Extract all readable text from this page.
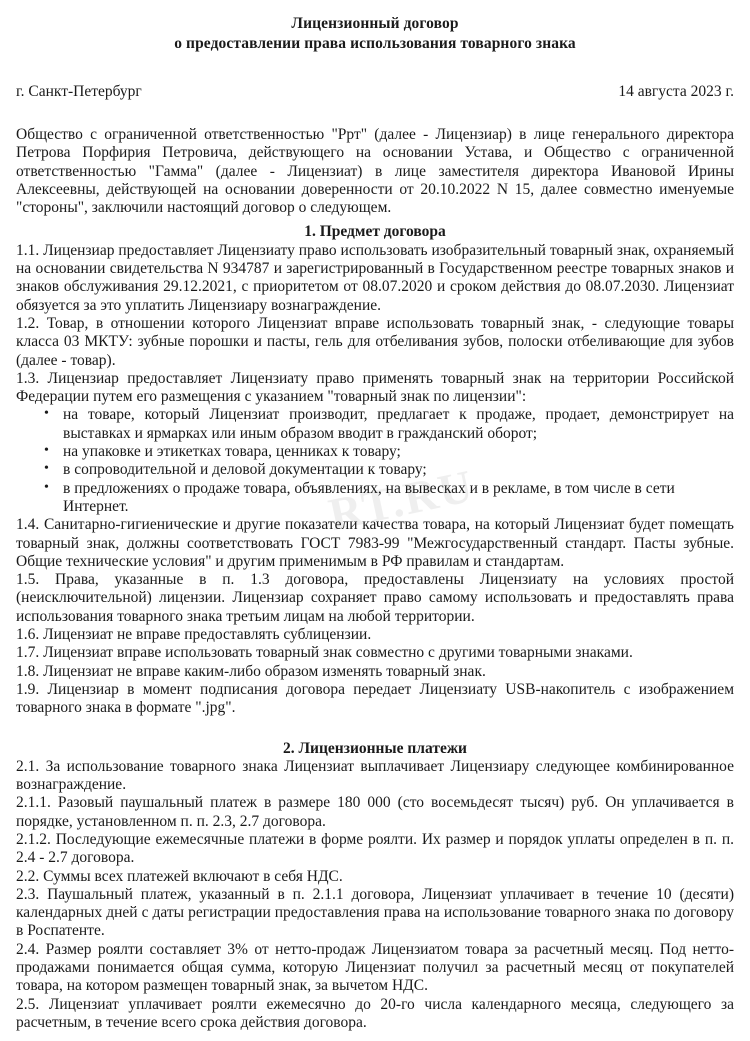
RT.RU
Лицензионный договор
о предоставлении права использования товарного знака
г. Санкт-Петербург	14 августа 2023 г.

Общество с ограниченной ответственностью "Ррт" (далее - Лицензиар) в лице генерального директора Петрова Порфирия Петровича, действующего на основании Устава, и Общество с ограниченной ответственностью "Гамма" (далее - Лицензиат) в лице заместителя директора Ивановой Ирины Алексеевны, действующей на основании доверенности от 20.10.2022 N 15, далее совместно именуемые "стороны", заключили настоящий договор о следующем.

1. Предмет договора

1.1. Лицензиар предоставляет Лицензиату право использовать изобразительный товарный знак, охраняемый на основании свидетельства N 934787 и зарегистрированный в Государственном реестре товарных знаков и знаков обслуживания 29.12.2021, с приоритетом от 08.07.2020 и сроком действия до 08.07.2030. Лицензиат обязуется за это уплатить Лицензиару вознаграждение.

1.2. Товар, в отношении которого Лицензиат вправе использовать товарный знак, - следующие товары класса 03 МКТУ: зубные порошки и пасты, гель для отбеливания зубов, полоски отбеливающие для зубов (далее - товар).

1.3. Лицензиар предоставляет Лицензиату право применять товарный знак на территории Российской Федерации путем его размещения с указанием "товарный знак по лицензии":

• на товаре, который Лицензиат производит, предлагает к продаже, продает, демонстрирует на выставках и ярмарках или иным образом вводит в гражданский оборот;
• на упаковке и этикетках товара, ценниках к товару;
• в сопроводительной и деловой документации к товару;
• в предложениях о продаже товара, объявлениях, на вывесках и в рекламе, в том числе в сети Интернет.

1.4. Санитарно-гигиенические и другие показатели качества товара, на который Лицензиат будет помещать товарный знак, должны соответствовать ГОСТ 7983-99 "Межгосударственный стандарт. Пасты зубные. Общие технические условия" и другим применимым в РФ правилам и стандартам.

1.5. Права, указанные в п. 1.3 договора, предоставлены Лицензиату на условиях простой (неисключительной) лицензии. Лицензиар сохраняет право самому использовать и предоставлять права использования товарного знака третьим лицам на любой территории.

1.6. Лицензиат не вправе предоставлять сублицензии.

1.7. Лицензиат вправе использовать товарный знак совместно с другими товарными знаками.

1.8. Лицензиат не вправе каким-либо образом изменять товарный знак.

1.9. Лицензиар в момент подписания договора передает Лицензиату USB-накопитель с изображением товарного знака в формате ".jpg".

2. Лицензионные платежи

2.1. За использование товарного знака Лицензиат выплачивает Лицензиару следующее комбинированное вознаграждение.

2.1.1. Разовый паушальный платеж в размере 180 000 (сто восемьдесят тысяч) руб. Он уплачивается в порядке, установленном п. п. 2.3, 2.7 договора.

2.1.2. Последующие ежемесячные платежи в форме роялти. Их размер и порядок уплаты определен в п. п. 2.4 - 2.7 договора.

2.2. Суммы всех платежей включают в себя НДС.

2.3. Паушальный платеж, указанный в п. 2.1.1 договора, Лицензиат уплачивает в течение 10 (десяти) календарных дней с даты регистрации предоставления права на использование товарного знака по договору в Роспатенте.

2.4. Размер роялти составляет 3% от нетто-продаж Лицензиатом товара за расчетный месяц. Под нетто-продажами понимается общая сумма, которую Лицензиат получил за расчетный месяц от покупателей товара, на котором размещен товарный знак, за вычетом НДС.

2.5. Лицензиат уплачивает роялти ежемесячно до 20-го числа календарного месяца, следующего за расчетным, в течение всего срока действия договора.
